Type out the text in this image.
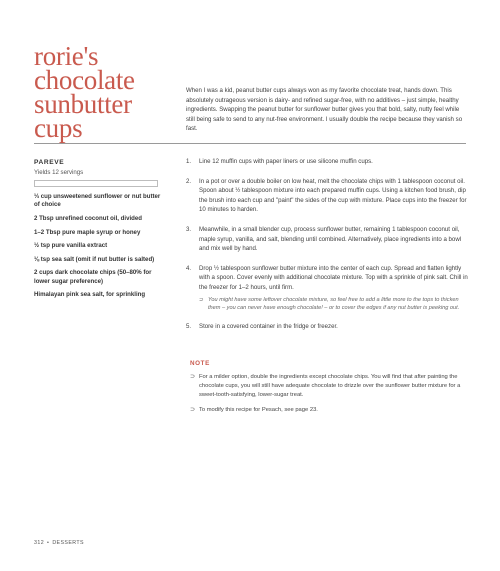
rorie's
chocolate
sunbutter
cups

When I was a kid, peanut butter cups always won as my favorite chocolate treat, hands down. This absolutely outrageous version is dairy- and refined sugar-free, with no additives – just simple, healthy ingredients. Swapping the peanut butter for sunflower butter gives you that bold, salty, nutty feel while still being safe to send to any nut-free environment. I usually double the recipe because they vanish so fast.

PAREVE
Yields 12 servings
⅓ cup unsweetened sunflower or nut butter of choice
2 Tbsp unrefined coconut oil, divided
1–2 Tbsp pure maple syrup or honey
½ tsp pure vanilla extract
⅛ tsp sea salt (omit if nut butter is salted)
2 cups dark chocolate chips (50–80% for lower sugar preference)
Himalayan pink sea salt, for sprinkling
1. Line 12 muffin cups with paper liners or use silicone muffin cups.
2. In a pot or over a double boiler on low heat, melt the chocolate chips with 1 tablespoon coconut oil. Spoon about ½ tablespoon mixture into each prepared muffin cups. Using a kitchen food brush, dip the brush into each cup and "paint" the sides of the cup with mixture. Place cups into the freezer for 10 minutes to harden.
3. Meanwhile, in a small blender cup, process sunflower butter, remaining 1 tablespoon coconut oil, maple syrup, vanilla, and salt, blending until combined. Alternatively, place ingredients into a bowl and mix well by hand.
4. Drop ½ tablespoon sunflower butter mixture into the center of each cup. Spread and flatten lightly with a spoon. Cover evenly with additional chocolate mixture. Top with a sprinkle of pink salt. Chill in the freezer for 1–2 hours, until firm.
⊃ You might have some leftover chocolate mixture, so feel free to add a little more to the tops to thicken them – you can never have enough chocolate! – or to cover the edges if any nut butter is peeking out.
5. Store in a covered container in the fridge or freezer.
NOTE
⊃ For a milder option, double the ingredients except chocolate chips. You will find that after painting the chocolate cups, you will still have adequate chocolate to drizzle over the sunflower butter mixture for a sweet-tooth-satisfying, lower-sugar treat.
⊃ To modify this recipe for Pesach, see page 23.
312 • DESSERTS
